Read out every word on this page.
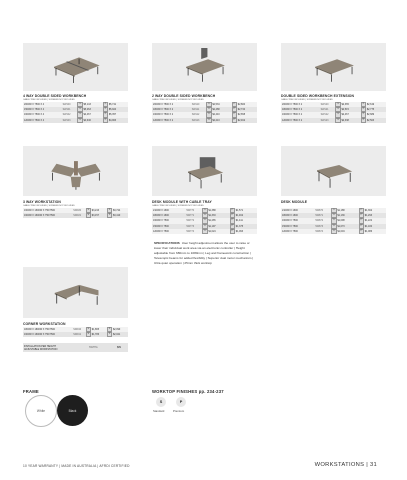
4 WAY DOUBLE SIDED WORKBENCH
CABLE TRAY INCLUDED | SCREENS NOT INCLUDED
2000W X 7500 X 4	SW100	S $5,143	P $5,741
1500W X 7500 X 4	SW101	S $5,263	P $5,924
1600W X 7500 X 4	SW102	S $4,467	P $5,357
1200W X 7500 X 4	SW103	S $4,646	P $4,963
2 WAY DOUBLE SIDED WORKBENCH
CABLE TRAY INCLUDED | SCREENS NOT INCLUDED
2000W X 7500 X 2	SW110	S $2,534	P $2,800
1800W X 7500 X 2	SW111	S $2,468	P $2,734
1600W X 7500 X 2	SW112	S $2,443	P $2,658
1200W X 7500 X 2	SW113	S $2,213	P $2,462
DOUBLE SIDED WORKBENCH EXTENSION
CABLE TRAY INCLUDED | SCREENS NOT INCLUDED
2000W X 7500 X 2	SW120	S $2,365	P $2,619
1800W X 7500 X 2	SW121	S $2,515	P $2,775
1600W X 7500 X 2	SW122	S $2,467	P $2,689
1200W X 7500 X 2	SW123	S $2,338	P $2,503
3 WAY WORKSTATION
CABLE TRAY INCLUDED | SCREENS NOT INCLUDED
1600W X 1600W X 750/7500	SW180	S $3,243	P $3,724
1600W X 1600W X 750/7500	SW181	S $3,157	P $3,410
DESK MODULE WITH CABLE TRAY
CABLE TRAY INCLUDED | SCREENS NOT INCLUDED
2100W X 1600	SW770	S $1,388	P $1,571
1800W X 1600	SW771	S $1,333	P $1,462
1600W X 7500	SW772	S $1,265	P $1,411
1500W X 7500	SW773	S $1,197	P $1,375
1200W X 7500	SW774	S $1,024	P $1,093
DESK MODULE
2100W X 1600	SW870	S $1,188	P $1,362
1800W X 1600	SW871	S $1,139	P $1,293
1600W X 7500	SW872	S $1,098	P $1,222
1500W X 7500	SW873	S $1,073	P $1,184
1200W X 7500	SW874	S $1,004	P $1,086
CORNER WORKSTATION
1800W X 1800W X 750/7500	SW190	S $1,865	P $2,099
1600W X 1600W X 750/7500	SW191	S $1,786	P $2,021
INSTALLATION PER HEIGHT ADJUSTABLE WORKSTATION	SWTHA	$89
SPECIFICATIONS User height adjustment allows the user to raise or lower their individual work area via an electronic controller | Height adjustable from 680mm to 1080mm | Leg and framework construction | Telescopic beams for added flexibility | Superior dual motor mechanism | Ultra quiet operation | 25mm thick worktop
FRAME
White	Black
WORKTOP FINISHES pp. 234-237
S	P
Standard	Premium
10 YEAR WARRANTY | MADE IN AUSTRALIA | AFRDI CERTIFIED	WORKSTATIONS | 31
